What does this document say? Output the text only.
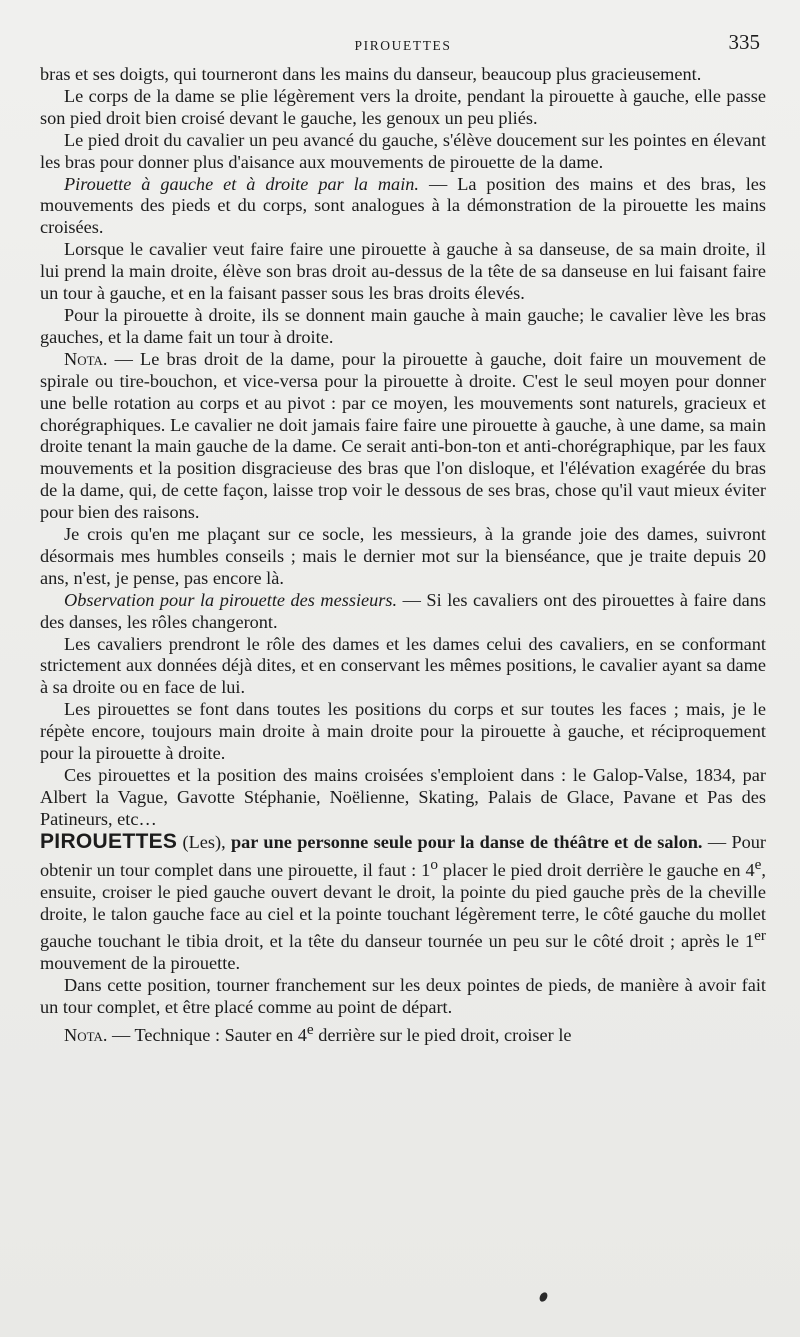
PIROUETTES	335

bras et ses doigts, qui tourneront dans les mains du danseur, beaucoup plus gracieusement.

Le corps de la dame se plie légèrement vers la droite, pendant la pirouette à gauche, elle passe son pied droit bien croisé devant le gauche, les genoux un peu pliés.

Le pied droit du cavalier un peu avancé du gauche, s'élève doucement sur les pointes en élevant les bras pour donner plus d'aisance aux mouvements de pirouette de la dame.

Pirouette à gauche et à droite par la main. — La position des mains et des bras, les mouvements des pieds et du corps, sont analogues à la démonstration de la pirouette les mains croisées.

Lorsque le cavalier veut faire faire une pirouette à gauche à sa danseuse, de sa main droite, il lui prend la main droite, élève son bras droit au-dessus de la tête de sa danseuse en lui faisant faire un tour à gauche, et en la faisant passer sous les bras droits élevés.

Pour la pirouette à droite, ils se donnent main gauche à main gauche; le cavalier lève les bras gauches, et la dame fait un tour à droite.

Nota. — Le bras droit de la dame, pour la pirouette à gauche, doit faire un mouvement de spirale ou tire-bouchon, et vice-versa pour la pirouette à droite. C'est le seul moyen pour donner une belle rotation au corps et au pivot : par ce moyen, les mouvements sont naturels, gracieux et chorégraphiques. Le cavalier ne doit jamais faire faire une pirouette à gauche, à une dame, sa main droite tenant la main gauche de la dame. Ce serait anti-bon-ton et anti-chorégraphique, par les faux mouvements et la position disgracieuse des bras que l'on disloque, et l'élévation exagérée du bras de la dame, qui, de cette façon, laisse trop voir le dessous de ses bras, chose qu'il vaut mieux éviter pour bien des raisons.

Je crois qu'en me plaçant sur ce socle, les messieurs, à la grande joie des dames, suivront désormais mes humbles conseils ; mais le dernier mot sur la bienséance, que je traite depuis 20 ans, n'est, je pense, pas encore là.

Observation pour la pirouette des messieurs. — Si les cavaliers ont des pirouettes à faire dans des danses, les rôles changeront.

Les cavaliers prendront le rôle des dames et les dames celui des cavaliers, en se conformant strictement aux données déjà dites, et en conservant les mêmes positions, le cavalier ayant sa dame à sa droite ou en face de lui.

Les pirouettes se font dans toutes les positions du corps et sur toutes les faces ; mais, je le répète encore, toujours main droite à main droite pour la pirouette à gauche, et réciproquement pour la pirouette à droite.

Ces pirouettes et la position des mains croisées s'emploient dans : le Galop-Valse, 1834, par Albert la Vague, Gavotte Stéphanie, Noëlienne, Skating, Palais de Glace, Pavane et Pas des Patineurs, etc…

PIROUETTES (Les), par une personne seule pour la danse de théâtre et de salon. — Pour obtenir un tour complet dans une pirouette, il faut : 1$^o$ placer le pied droit derrière le gauche en 4e, ensuite, croiser le pied gauche ouvert devant le droit, la pointe du pied gauche près de la cheville droite, le talon gauche face au ciel et la pointe touchant légèrement terre, le côté gauche du mollet gauche touchant le tibia droit, et la tête du danseur tournée un peu sur le côté droit ; après le 1er mouvement de la pirouette.

Dans cette position, tourner franchement sur les deux pointes de pieds, de manière à avoir fait un tour complet, et être placé comme au point de départ.

Nota. — Technique : Sauter en 4e derrière sur le pied droit, croiser le
